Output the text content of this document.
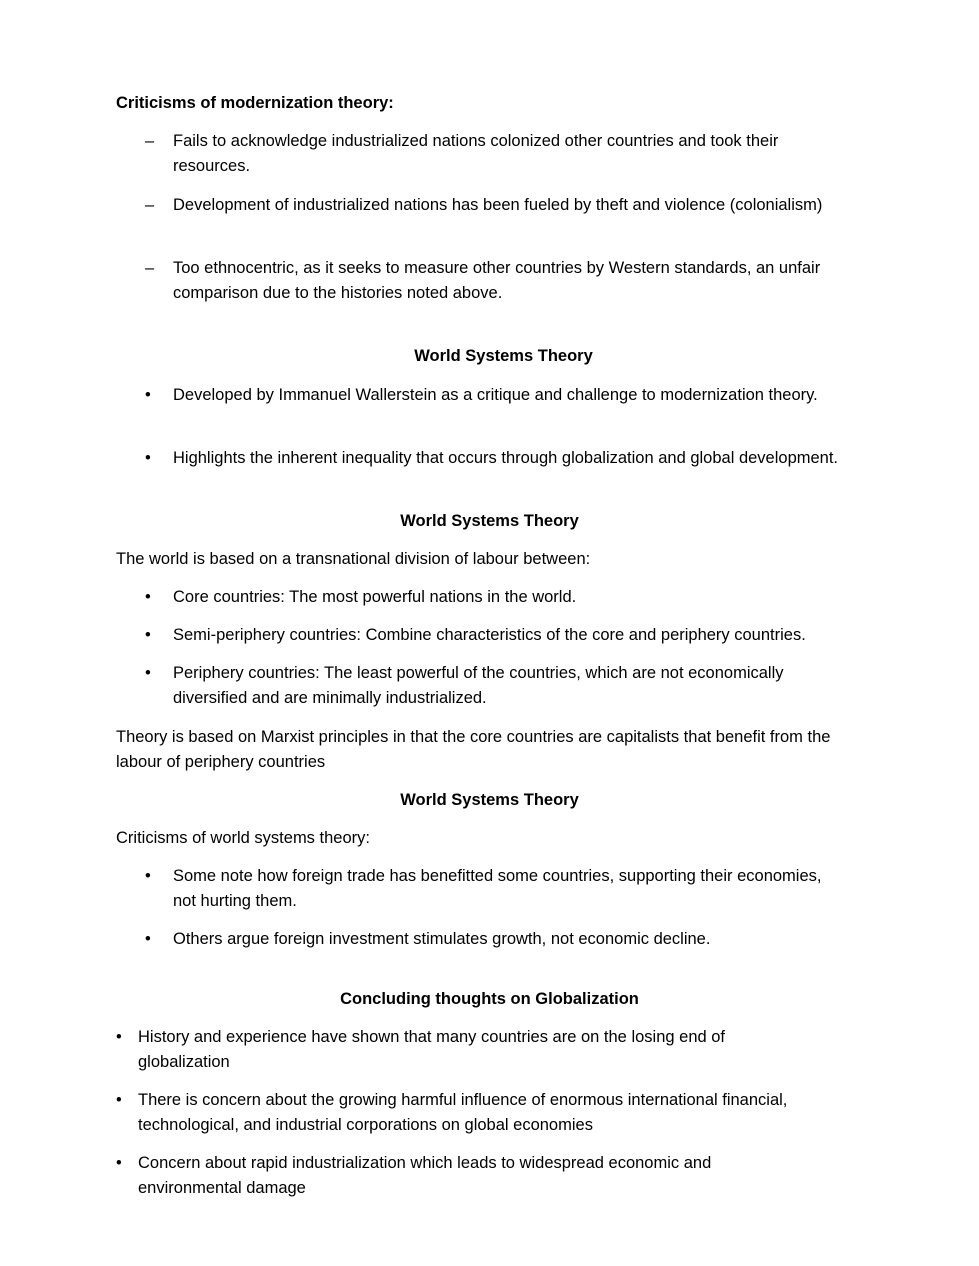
Criticisms of modernization theory:
– Fails to acknowledge industrialized nations colonized other countries and took their resources.
– Development of industrialized nations has been fueled by theft and violence (colonialism)
– Too ethnocentric, as it seeks to measure other countries by Western standards, an unfair comparison due to the histories noted above.
World Systems Theory
• Developed by Immanuel Wallerstein as a critique and challenge to modernization theory.
• Highlights the inherent inequality that occurs through globalization and global development.
World Systems Theory
The world is based on a transnational division of labour between:
• Core countries: The most powerful nations in the world.
• Semi-periphery countries: Combine characteristics of the core and periphery countries.
• Periphery countries: The least powerful of the countries, which are not economically diversified and are minimally industrialized.
Theory is based on Marxist principles in that the core countries are capitalists that benefit from the labour of periphery countries
World Systems Theory
Criticisms of world systems theory:
• Some note how foreign trade has benefitted some countries, supporting their economies, not hurting them.
• Others argue foreign investment stimulates growth, not economic decline.
Concluding thoughts on Globalization
• History and experience have shown that many countries are on the losing end of globalization
• There is concern about the growing harmful influence of enormous international financial, technological, and industrial corporations on global economies
• Concern about rapid industrialization which leads to widespread economic and environmental damage
